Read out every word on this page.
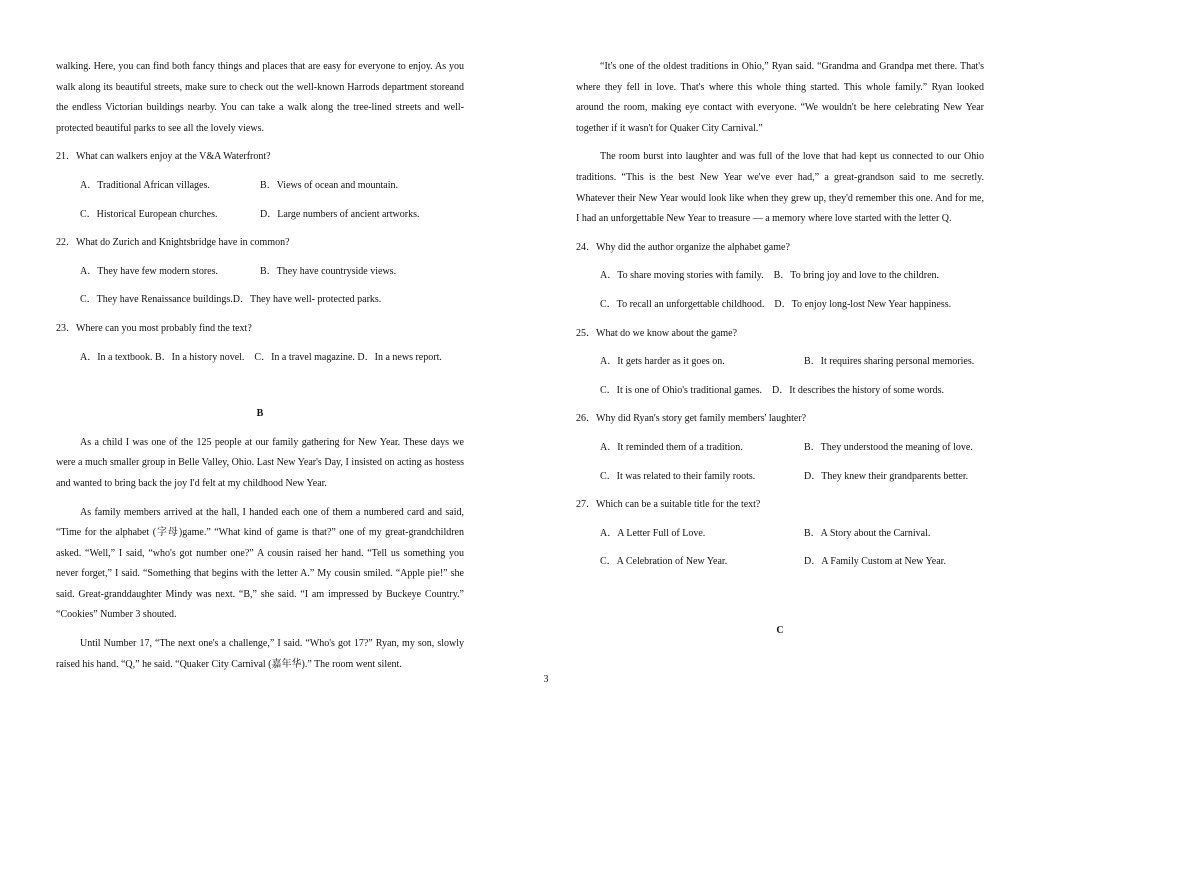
walking. Here, you can find both fancy things and places that are easy for everyone to enjoy. As you walk along its beautiful streets, make sure to check out the well-known Harrods department storeand the endless Victorian buildings nearby. You can take a walk along the tree-lined streets and well-protected beautiful parks to see all the lovely views.

21．What can walkers enjoy at the V&A Waterfront?

A．Traditional African villages.	B．Views of ocean and mountain.
C．Historical European churches.	D．Large numbers of ancient artworks.

22．What do Zurich and Knightsbridge have in common?

A．They have few modern stores.	B．They have countryside views.
C．They have Renaissance buildings.D．They have well- protected parks.

23．Where can you most probably find the text?

A．In a textbook. B．In a history novel.    C．In a travel magazine. D．In a news report.

B

As a child I was one of the 125 people at our family gathering for New Year. These days we were a much smaller group in Belle Valley, Ohio. Last New Year's Day, I insisted on acting as hostess and wanted to bring back the joy I'd felt at my childhood New Year.

As family members arrived at the hall, I handed each one of them a numbered card and said, “Time for the alphabet (字母)game.” “What kind of game is that?” one of my great-grandchildren asked. “Well,” I said, “who's got number one?” A cousin raised her hand. “Tell us something you never forget,” I said. “Something that begins with the letter A.” My cousin smiled. “Apple pie!” she said. Great-granddaughter Mindy was next. “B,” she said. “I am impressed by Buckeye Country.” “Cookies” Number 3 shouted.

Until Number 17, “The next one's a challenge,” I said. “Who's got 17?” Ryan, my son, slowly raised his hand. “Q,” he said. “Quaker City Carnival (嘉年华).” The room went silent.

“It's one of the oldest traditions in Ohio,” Ryan said. “Grandma and Grandpa met there. That's where they fell in love. That's where this whole thing started. This whole family.” Ryan looked around the room, making eye contact with everyone. “We wouldn't be here celebrating New Year together if it wasn't for Quaker City Carnival.”

The room burst into laughter and was full of the love that had kept us connected to our Ohio traditions. “This is the best New Year we've ever had,” a great-grandson said to me secretly. Whatever their New Year would look like when they grew up, they'd remember this one. And for me, I had an unforgettable New Year to treasure — a memory where love started with the letter Q.

24．Why did the author organize the alphabet game?

A．To share moving stories with family.    B．To bring joy and love to the children.
C．To recall an unforgettable childhood.    D．To enjoy long-lost New Year happiness.

25．What do we know about the game?

A．It gets harder as it goes on.	B．It requires sharing personal memories.
C．It is one of Ohio's traditional games.    D．It describes the history of some words.

26．Why did Ryan's story get family members' laughter?

A．It reminded them of a tradition.	B．They understood the meaning of love.
C．It was related to their family roots.	D．They knew their grandparents better.

27．Which can be a suitable title for the text?

A．A Letter Full of Love.	B．A Story about the Carnival.
C．A Celebration of New Year.	D．A Family Custom at New Year.

C

3
